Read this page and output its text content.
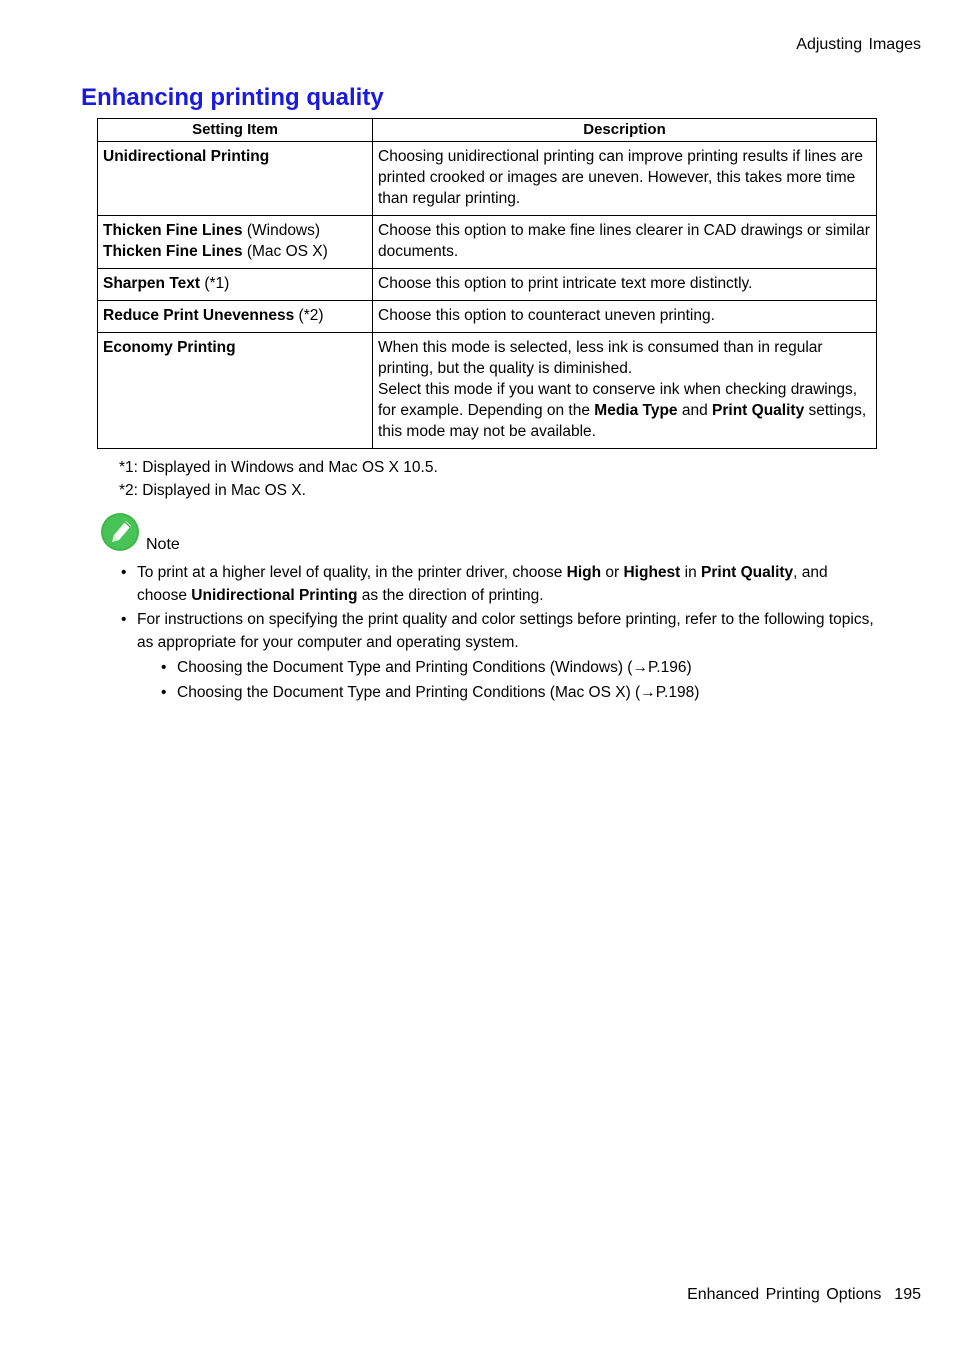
Adjusting Images
Enhancing printing quality
Setting Item	Description
Unidirectional Printing	Choosing unidirectional printing can improve printing results if lines are printed crooked or images are uneven. However, this takes more time than regular printing.
Thicken Fine Lines (Windows)
Thicken Fine Lines (Mac OS X)	Choose this option to make fine lines clearer in CAD drawings or similar documents.
Sharpen Text (*1)	Choose this option to print intricate text more distinctly.
Reduce Print Unevenness (*2)	Choose this option to counteract uneven printing.
Economy Printing	When this mode is selected, less ink is consumed than in regular printing, but the quality is diminished.
Select this mode if you want to conserve ink when checking drawings, for example. Depending on the Media Type and Print Quality settings, this mode may not be available.
*1: Displayed in Windows and Mac OS X 10.5.
*2: Displayed in Mac OS X.
Note
• To print at a higher level of quality, in the printer driver, choose High or Highest in Print Quality, and choose Unidirectional Printing as the direction of printing.
• For instructions on specifying the print quality and color settings before printing, refer to the following topics, as appropriate for your computer and operating system.
• Choosing the Document Type and Printing Conditions (Windows) (→P.196)
• Choosing the Document Type and Printing Conditions (Mac OS X) (→P.198)
Enhanced Printing Options 195
